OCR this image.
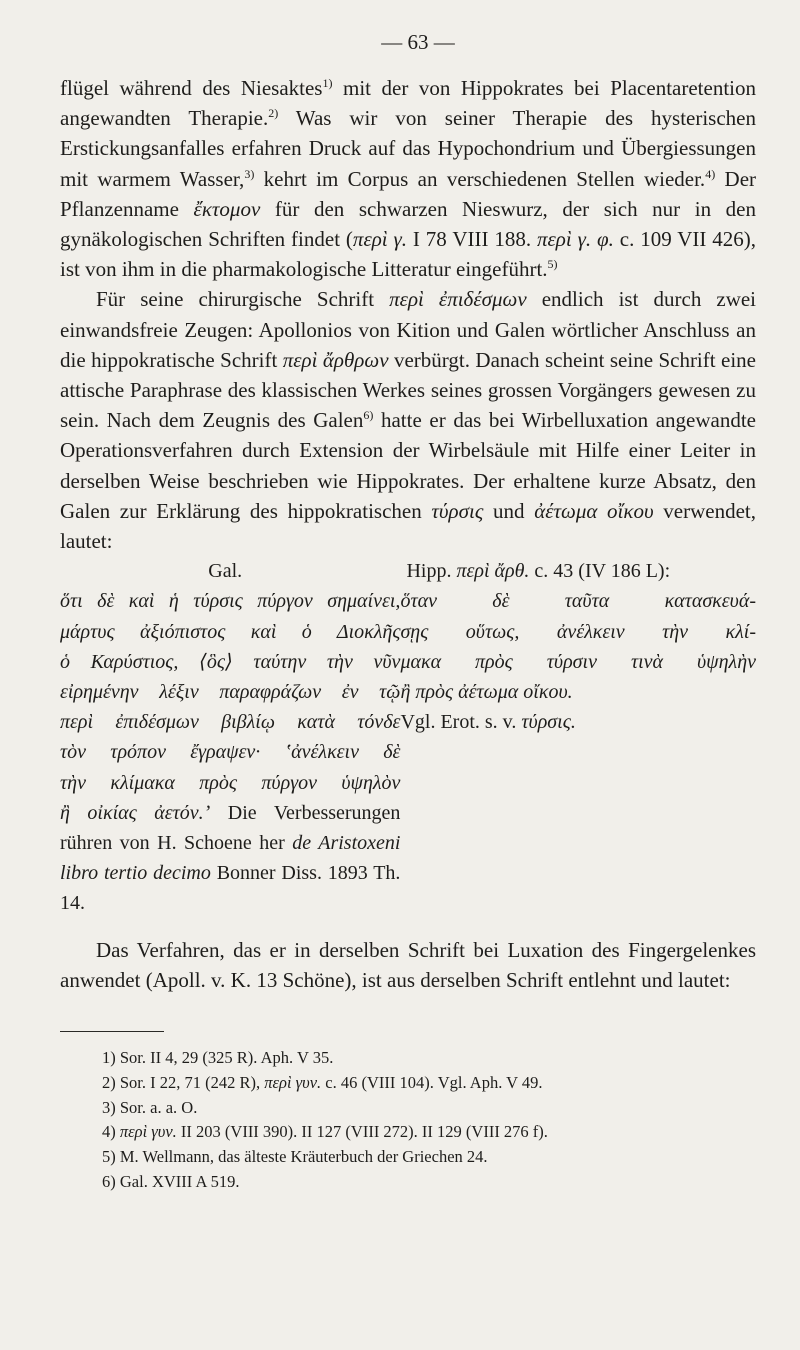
— 63 —

flügel während des Niesaktes$^{1)}$ mit der von Hippokrates bei Placentaretention angewandten Therapie.$^{2)}$ Was wir von seiner Therapie des hysterischen Erstickungsanfalles erfahren Druck auf das Hypochondrium und Übergiessungen mit warmem Wasser,$^{3)}$ kehrt im Corpus an verschiedenen Stellen wieder.$^{4)}$ Der Pflanzenname ἔκτομον für den schwarzen Nieswurz, der sich nur in den gynäkologischen Schriften findet (περὶ γ. I 78 VIII 188. περὶ γ. φ. c. 109 VII 426), ist von ihm in die pharmakologische Litteratur eingeführt.$^{5)}$

Für seine chirurgische Schrift περὶ ἐπιδέσμων endlich ist durch zwei einwandsfreie Zeugen: Apollonios von Kition und Galen wörtlicher Anschluss an die hippokratische Schrift περὶ ἄρθρων verbürgt. Danach scheint seine Schrift eine attische Paraphrase des klassischen Werkes seines grossen Vorgängers gewesen zu sein. Nach dem Zeugnis des Galen$^{6)}$ hatte er das bei Wirbelluxation angewandte Operationsverfahren durch Extension der Wirbelsäule mit Hilfe einer Leiter in derselben Weise beschrieben wie Hippokrates. Der erhaltene kurze Absatz, den Galen zur Erklärung des hippokratischen τύρσις und ἀέτωμα οἴκου verwendet, lautet:

Gal.
ὅτι δὲ καὶ ἡ τύρσις πύργον σημαίνει,
μάρτυς ἀξιόπιστος καὶ ὁ Διοκλῆς
ὁ Καρύστιος, ⟨ὃς⟩ ταύτην τὴν νῦν
εἰρημένην λέξιν παραφράζων ἐν τῷ
περὶ ἐπιδέσμων βιβλίῳ κατὰ τόνδε
τὸν τρόπον ἔγραψεν· ʽἀνέλκειν δὲ
τὴν κλίμακα πρὸς πύργον ὑψηλὸν
ἢ οἰκίας ἀετόν.ʼ Die Verbesserungen rühren von H. Schoene her de Aristoxeni libro tertio decimo Bonner Diss. 1893 Th. 14.
Hipp. περὶ ἄρθ. c. 43 (IV 186 L):
ὅταν δὲ ταῦτα κατασκευά-
σῃς οὕτως, ἀνέλκειν τὴν κλί-
μακα πρὸς τύρσιν τινὰ ὑψηλὴν
ἢ πρὸς ἀέτωμα οἴκου.
Vgl. Erot. s. v. τύρσις.

Das Verfahren, das er in derselben Schrift bei Luxation des Fingergelenkes anwendet (Apoll. v. K. 13 Schöne), ist aus derselben Schrift entlehnt und lautet:

1) Sor. II 4, 29 (325 R). Aph. V 35.
2) Sor. I 22, 71 (242 R), περὶ γυν. c. 46 (VIII 104). Vgl. Aph. V 49.
3) Sor. a. a. O.
4) περὶ γυν. II 203 (VIII 390). II 127 (VIII 272). II 129 (VIII 276 f).
5) M. Wellmann, das älteste Kräuterbuch der Griechen 24.
6) Gal. XVIII A 519.
